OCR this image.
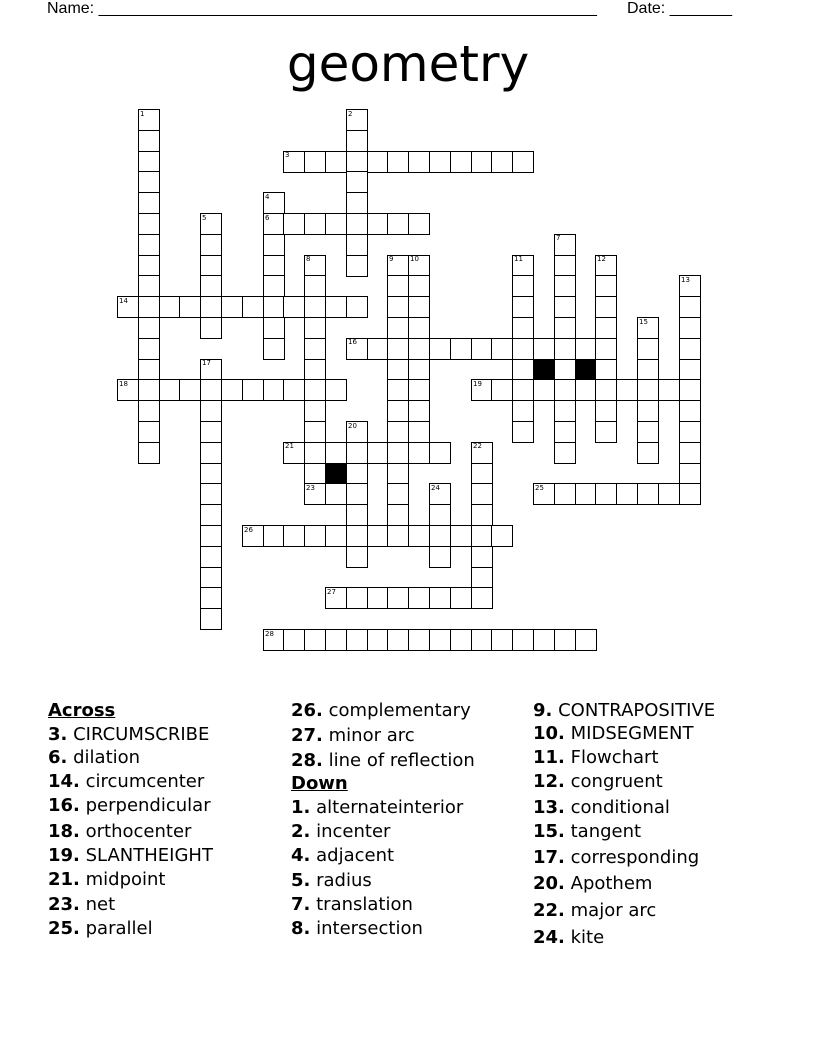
Name: ________________________________________________________ Date: _______
geometry
1	2
3
4
5	6
7
8	9 10	11	12
13
14
15
16
17
18	19
20
21	22
23	24	25
26
27
28
Across
3. CIRCUMSCRIBE
6. dilation
14. circumcenter
16. perpendicular
18. orthocenter
19. SLANTHEIGHT
21. midpoint
23. net
25. parallel
26. complementary
27. minor arc
28. line of reflection
Down
1. alternateinterior
2. incenter
4. adjacent
5. radius
7. translation
8. intersection
9. CONTRAPOSITIVE
10. MIDSEGMENT
11. Flowchart
12. congruent
13. conditional
15. tangent
17. corresponding
20. Apothem
22. major arc
24. kite
